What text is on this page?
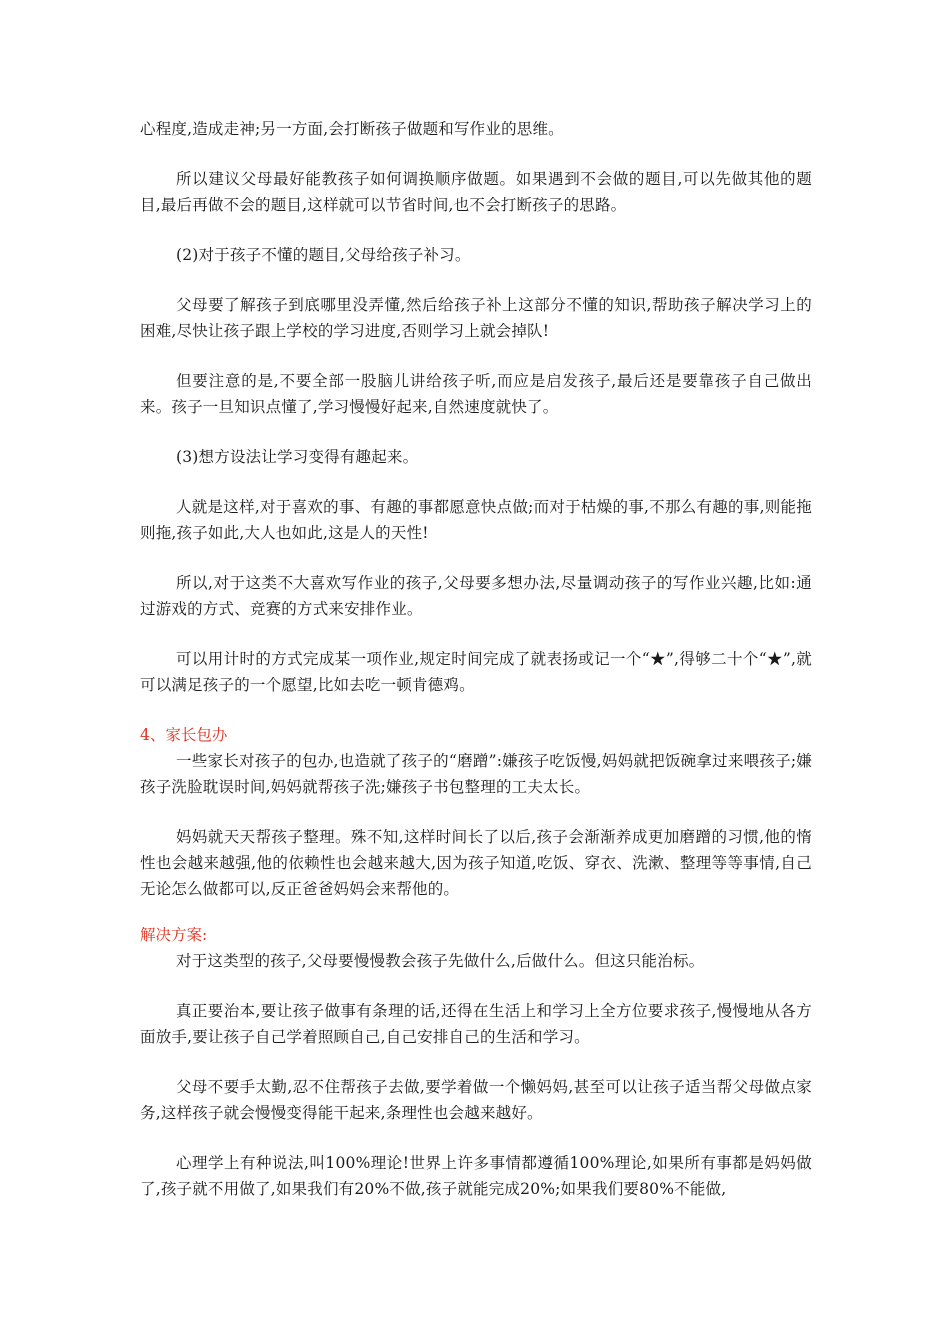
心程度,造成走神;另一方面,会打断孩子做题和写作业的思维。

所以建议父母最好能教孩子如何调换顺序做题。如果遇到不会做的题目,可以先做其他的题目,最后再做不会的题目,这样就可以节省时间,也不会打断孩子的思路。

(2)对于孩子不懂的题目,父母给孩子补习。

父母要了解孩子到底哪里没弄懂,然后给孩子补上这部分不懂的知识,帮助孩子解决学习上的困难,尽快让孩子跟上学校的学习进度,否则学习上就会掉队!

但要注意的是,不要全部一股脑儿讲给孩子听,而应是启发孩子,最后还是要靠孩子自己做出来。孩子一旦知识点懂了,学习慢慢好起来,自然速度就快了。

(3)想方设法让学习变得有趣起来。

人就是这样,对于喜欢的事、有趣的事都愿意快点做;而对于枯燥的事,不那么有趣的事,则能拖则拖,孩子如此,大人也如此,这是人的天性!

所以,对于这类不大喜欢写作业的孩子,父母要多想办法,尽量调动孩子的写作业兴趣,比如:通过游戏的方式、竞赛的方式来安排作业。

可以用计时的方式完成某一项作业,规定时间完成了就表扬或记一个“★”,得够二十个“★”,就可以满足孩子的一个愿望,比如去吃一顿肯德鸡。

4、家长包办

一些家长对孩子的包办,也造就了孩子的“磨蹭”:嫌孩子吃饭慢,妈妈就把饭碗拿过来喂孩子;嫌孩子洗脸耽误时间,妈妈就帮孩子洗;嫌孩子书包整理的工夫太长。

妈妈就天天帮孩子整理。殊不知,这样时间长了以后,孩子会渐渐养成更加磨蹭的习惯,他的惰性也会越来越强,他的依赖性也会越来越大,因为孩子知道,吃饭、穿衣、洗漱、整理等等事情,自己无论怎么做都可以,反正爸爸妈妈会来帮他的。

解决方案:

对于这类型的孩子,父母要慢慢教会孩子先做什么,后做什么。但这只能治标。

真正要治本,要让孩子做事有条理的话,还得在生活上和学习上全方位要求孩子,慢慢地从各方面放手,要让孩子自己学着照顾自己,自己安排自己的生活和学习。

父母不要手太勤,忍不住帮孩子去做,要学着做一个懒妈妈,甚至可以让孩子适当帮父母做点家务,这样孩子就会慢慢变得能干起来,条理性也会越来越好。

心理学上有种说法,叫100%理论!世界上许多事情都遵循100%理论,如果所有事都是妈妈做了,孩子就不用做了,如果我们有20%不做,孩子就能完成20%;如果我们要80%不能做,
